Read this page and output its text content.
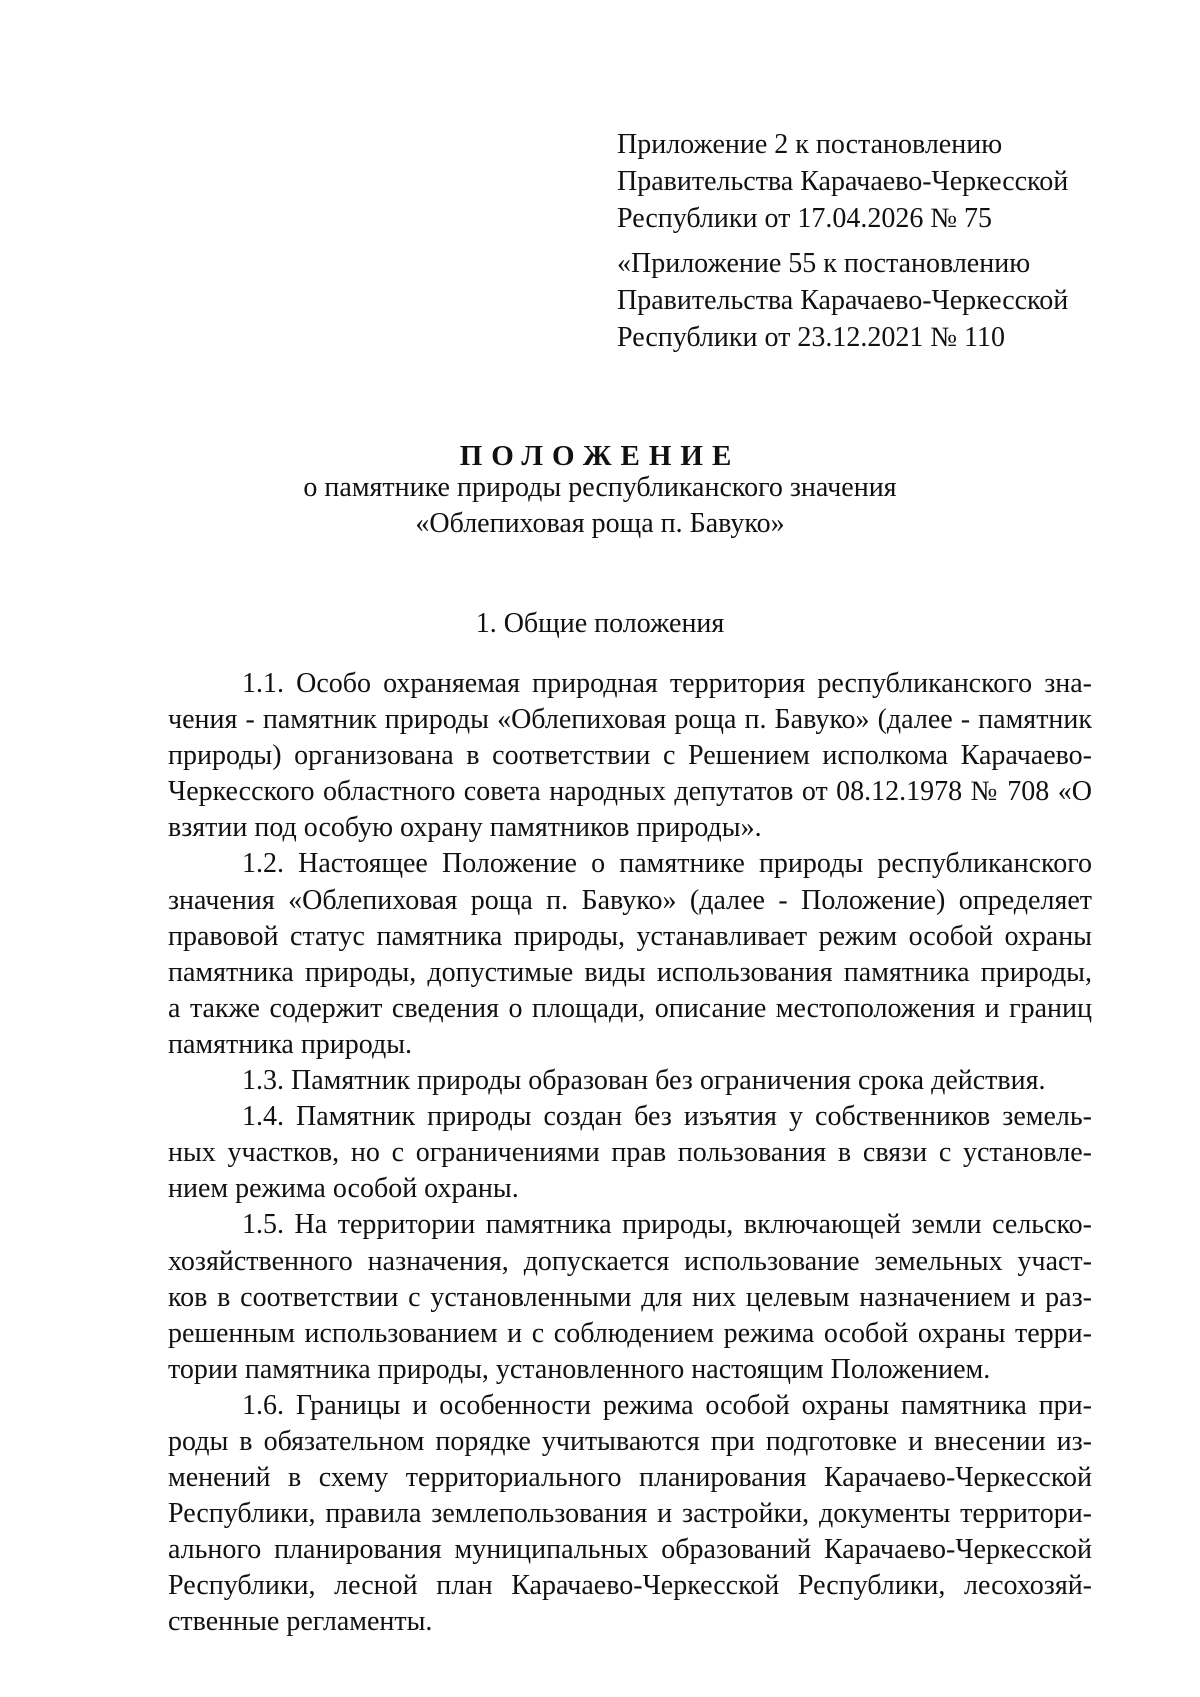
Приложение 2 к постановлению
Правительства Карачаево-Черкесской
Республики от 17.04.2026 № 75
«Приложение 55 к постановлению
Правительства Карачаево-Черкесской
Республики от 23.12.2021 № 110
ПОЛОЖЕНИЕ
о памятнике природы республиканского значения
«Облепиховая роща п. Бавуко»
1. Общие положения

1.1. Особо охраняемая природная территория республиканского зна-
чения - памятник природы «Облепиховая роща п. Бавуко» (далее - памятник
природы) организована в соответствии с Решением исполкома Карачаево-
Черкесского областного совета народных депутатов от 08.12.1978 № 708 «О
взятии под особую охрану памятников природы».

1.2. Настоящее Положение о памятнике природы республиканского
значения «Облепиховая роща п. Бавуко» (далее - Положение) определяет
правовой статус памятника природы, устанавливает режим особой охраны
памятника природы, допустимые виды использования памятника природы,
а также содержит сведения о площади, описание местоположения и границ
памятника природы.

1.3. Памятник природы образован без ограничения срока действия.

1.4. Памятник природы создан без изъятия у собственников земель-
ных участков, но с ограничениями прав пользования в связи с установле-
нием режима особой охраны.

1.5. На территории памятника природы, включающей земли сельско-
хозяйственного назначения, допускается использование земельных участ-
ков в соответствии с установленными для них целевым назначением и раз-
решенным использованием и с соблюдением режима особой охраны терри-
тории памятника природы, установленного настоящим Положением.

1.6. Границы и особенности режима особой охраны памятника при-
роды в обязательном порядке учитываются при подготовке и внесении из-
менений в схему территориального планирования Карачаево-Черкесской
Республики, правила землепользования и застройки, документы территори-
ального планирования муниципальных образований Карачаево-Черкесской
Республики, лесной план Карачаево-Черкесской Республики, лесохозяй-
ственные регламенты.
